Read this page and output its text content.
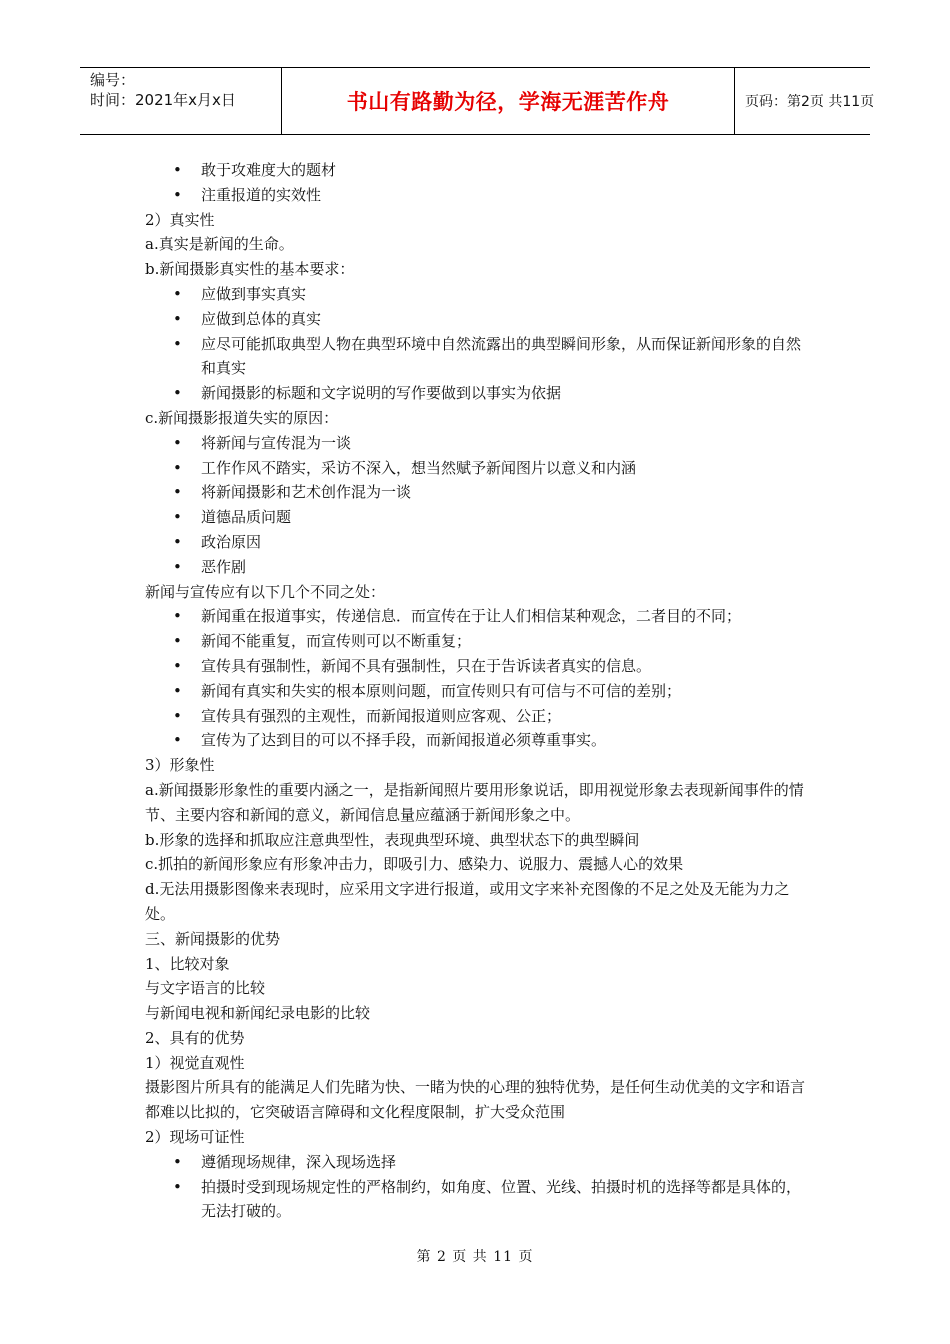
编号：
时间：2021年x月x日	书山有路勤为径，学海无涯苦作舟	页码：第2页 共11页

• 敢于攻难度大的题材

• 注重报道的实效性

2）真实性

a.真实是新闻的生命。

b.新闻摄影真实性的基本要求：

• 应做到事实真实

• 应做到总体的真实

• 应尽可能抓取典型人物在典型环境中自然流露出的典型瞬间形象，从而保证新闻形象的自然和真实

• 新闻摄影的标题和文字说明的写作要做到以事实为依据

c.新闻摄影报道失实的原因：

• 将新闻与宣传混为一谈

• 工作作风不踏实，采访不深入，想当然赋予新闻图片以意义和内涵

• 将新闻摄影和艺术创作混为一谈

• 道德品质问题

• 政治原因

• 恶作剧

新闻与宣传应有以下几个不同之处：

• 新闻重在报道事实，传递信息．而宣传在于让人们相信某种观念，二者目的不同；

• 新闻不能重复，而宣传则可以不断重复；

• 宣传具有强制性，新闻不具有强制性，只在于告诉读者真实的信息。

• 新闻有真实和失实的根本原则问题，而宣传则只有可信与不可信的差别；

• 宣传具有强烈的主观性，而新闻报道则应客观、公正；

• 宣传为了达到目的可以不择手段，而新闻报道必须尊重事实。

3）形象性

a.新闻摄影形象性的重要内涵之一，是指新闻照片要用形象说话，即用视觉形象去表现新闻事件的情节、主要内容和新闻的意义，新闻信息量应蕴涵于新闻形象之中。

b.形象的选择和抓取应注意典型性，表现典型环境、典型状态下的典型瞬间

c.抓拍的新闻形象应有形象冲击力，即吸引力、感染力、说服力、震撼人心的效果

d.无法用摄影图像来表现时，应采用文字进行报道，或用文字来补充图像的不足之处及无能为力之处。

三、新闻摄影的优势

1、比较对象

与文字语言的比较

与新闻电视和新闻纪录电影的比较

2、具有的优势

1）视觉直观性

摄影图片所具有的能满足人们先睹为快、一睹为快的心理的独特优势，是任何生动优美的文字和语言都难以比拟的，它突破语言障碍和文化程度限制，扩大受众范围

2）现场可证性

• 遵循现场规律，深入现场选择

• 拍摄时受到现场规定性的严格制约，如角度、位置、光线、拍摄时机的选择等都是具体的，无法打破的。

第 2 页 共 11 页
